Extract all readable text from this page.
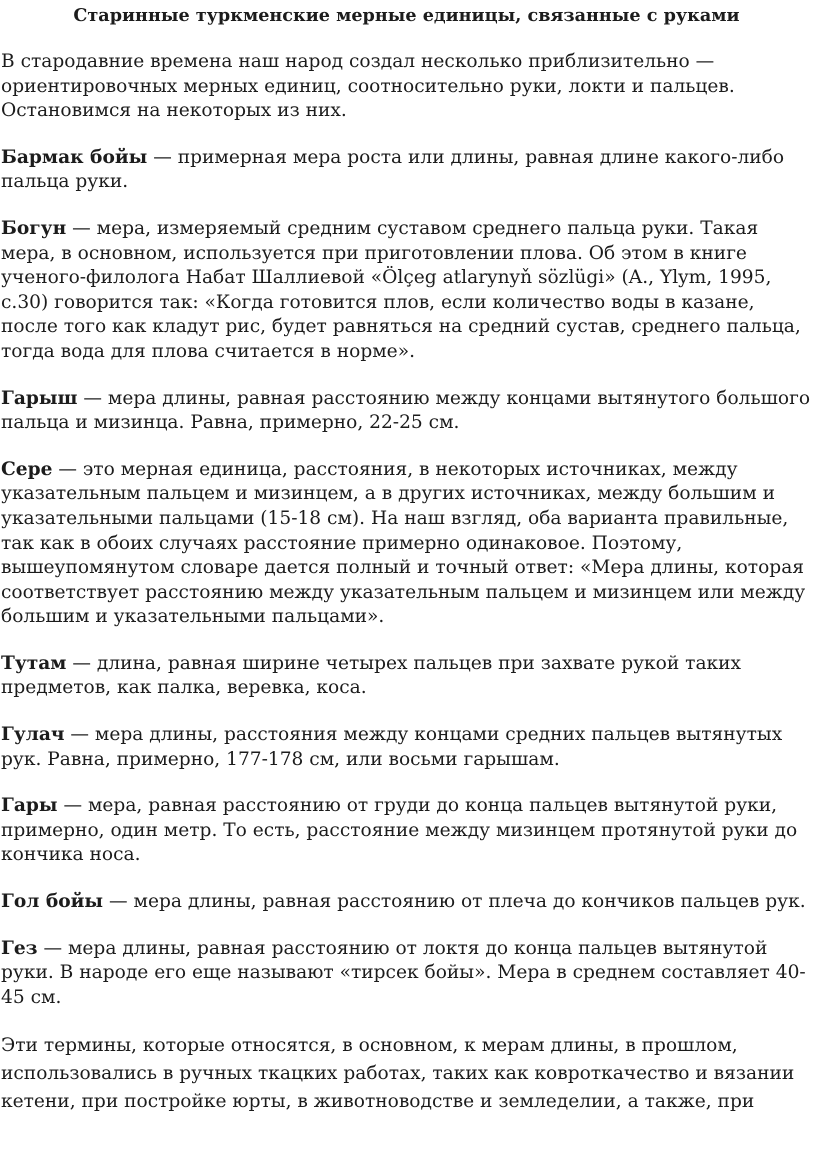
Старинные туркменские мерные единицы, связанные с руками

В стародавние времена наш народ создал несколько приблизительно — ориентировочных мерных единиц, соотносительно руки, локти и пальцев. Остановимся на некоторых из них.

Бармак бойы — примерная мера роста или длины, равная длине какого-либо пальца руки.

Богун — мера, измеряемый средним суставом среднего пальца руки. Такая мера, в основном, используется при приготовлении плова. Об этом в книге ученого-филолога Набат Шаллиевой «Ölçeg atlarynyň sözlügi» (A., Ylym, 1995, c.30) говорится так: «Когда готовится плов, если количество воды в казане, после того как кладут рис, будет равняться на средний сустав, среднего пальца, тогда вода для плова считается в норме».

Гарыш — мера длины, равная расстоянию между концами вытянутого большого пальца и мизинца. Равна, примерно, 22-25 см.

Сере — это мерная единица, расстояния, в некоторых источниках, между указательным пальцем и мизинцем, а в других источниках, между большим и указательными пальцами (15-18 см). На наш взгляд, оба варианта правильные, так как в обоих случаях расстояние примерно одинаковое. Поэтому, вышеупомянутом словаре дается полный и точный ответ: «Мера длины, которая соответствует расстоянию между указательным пальцем и мизинцем или между большим и указательными пальцами».

Тутам — длина, равная ширине четырех пальцев при захвате рукой таких предметов, как палка, веревка, коса.

Гулач — мера длины, расстояния между концами средних пальцев вытянутых рук. Равна, примерно, 177-178 см, или восьми гарышам.

Гары — мера, равная расстоянию от груди до конца пальцев вытянутой руки, примерно, один метр. То есть, расстояние между мизинцем протянутой руки до кончика носа.

Гол бойы — мера длины, равная расстоянию от плеча до кончиков пальцев рук.

Гез — мера длины, равная расстоянию от локтя до конца пальцев вытянутой руки. В народе его еще называют «тирсек бойы». Мера в среднем составляет 40-45 см.

Эти термины, которые относятся, в основном, к мерам длины, в прошлом, использовались в ручных ткацких работах, таких как ковроткачество и вязании кетени, при постройке юрты, в животноводстве и земледелии, а также, при
